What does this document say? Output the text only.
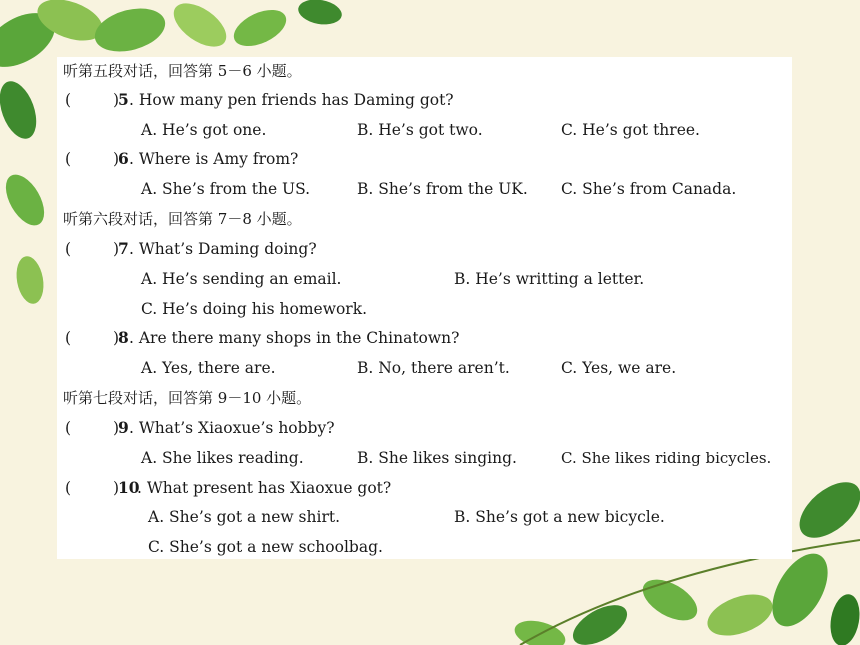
听第五段对话，回答第 5－6 小题。
(	)
5 . How many pen friends has Daming got?
A. He’s got one.	B. He’s got two.	C. He’s got three.
(	)
6 . Where is Amy from?
A. She’s from the US.	B. She’s from the UK. C. She’s from Canada.
听第六段对话，回答第 7－8 小题。
(	)
7 . What’s Daming doing?
A. He’s sending an email.	B. He’s writting a letter.
C. He’s doing his homework.
(	)
8 . Are there many shops in the Chinatown?
A. Yes, there are.	B. No, there aren’t.	C. Yes, we are.
听第七段对话，回答第 9－10 小题。
(	)
9 . What’s Xiaoxue’s hobby?
A. She likes reading.	B. She likes singing.	C. She likes riding bicycles.
(	)
10
. What present has Xiaoxue got?
A. She’s got a new shirt.	B. She’s got a new bicycle.
C. She’s got a new schoolbag.
